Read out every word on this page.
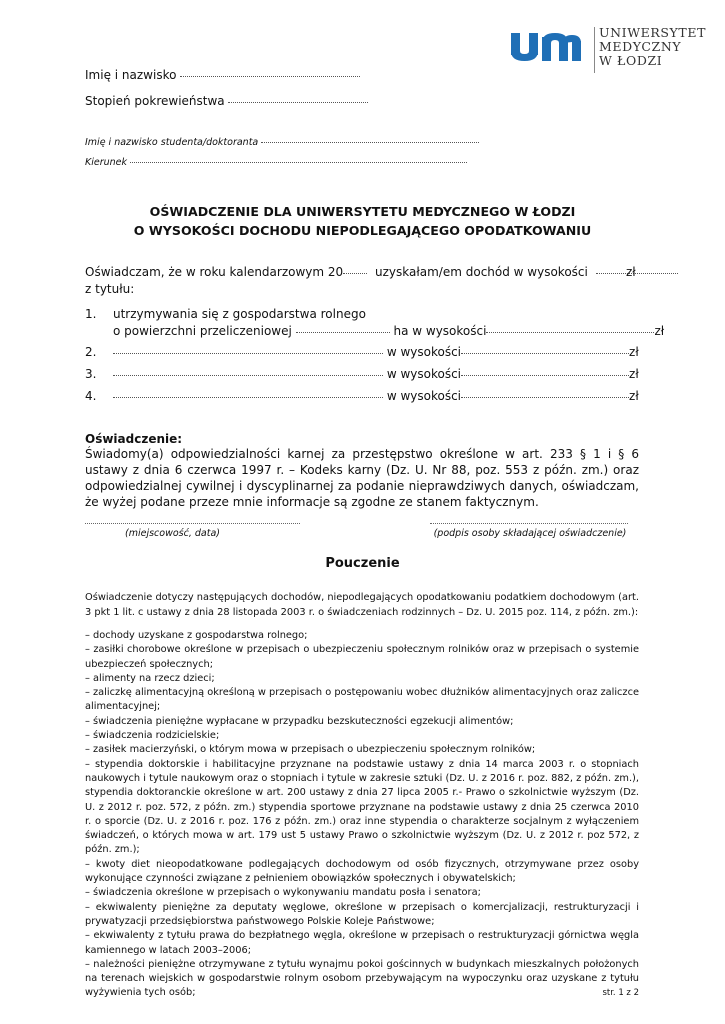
UNIWERSYTET
MEDYCZNY
W ŁODZI
Imię i nazwisko
Stopień pokrewieństwa
Imię i nazwisko studenta/doktoranta
Kierunek
OŚWIADCZENIE DLA UNIWERSYTETU MEDYCZNEGO W ŁODZI
O WYSOKOŚCI DOCHODU NIEPODLEGAJĄCEGO OPODATKOWANIU
Oświadczam, że w roku kalendarzowym 20	uzyskałam/em dochód w wysokości	zł
z tytułu:
1. utrzymywania się z gospodarstwa rolnego
o powierzchni przeliczeniowej	ha w wysokości	zł
2.	w wysokości	zł
3.	w wysokości	zł
4.	w wysokości	zł
Oświadczenie:
Świadomy(a) odpowiedzialności karnej za przestępstwo określone w art. 233 § 1 i § 6 ustawy z dnia 6 czerwca 1997 r. – Kodeks karny (Dz. U. Nr 88, poz. 553 z późn. zm.) oraz odpowiedzialnej cywilnej i dyscyplinarnej za podanie nieprawdziwych danych, oświadczam, że wyżej podane przeze mnie informacje są zgodne ze stanem faktycznym.
(miejscowość, data)	(podpis osoby składającej oświadczenie)
Pouczenie
Oświadczenie dotyczy następujących dochodów, niepodlegających opodatkowaniu podatkiem dochodowym (art. 3 pkt 1 lit. c ustawy z dnia 28 listopada 2003 r. o świadczeniach rodzinnych – Dz. U. 2015 poz. 114, z późn. zm.):
– dochody uzyskane z gospodarstwa rolnego;
– zasiłki chorobowe określone w przepisach o ubezpieczeniu społecznym rolników oraz w przepisach o systemie ubezpieczeń społecznych;
– alimenty na rzecz dzieci;
– zaliczkę alimentacyjną określoną w przepisach o postępowaniu wobec dłużników alimentacyjnych oraz zaliczce alimentacyjnej;
– świadczenia pieniężne wypłacane w przypadku bezskuteczności egzekucji alimentów;
– świadczenia rodzicielskie;
– zasiłek macierzyński, o którym mowa w przepisach o ubezpieczeniu społecznym rolników;
– stypendia doktorskie i habilitacyjne przyznane na podstawie ustawy z dnia 14 marca 2003 r. o stopniach naukowych i tytule naukowym oraz o stopniach i tytule w zakresie sztuki (Dz. U. z 2016 r. poz. 882, z późn. zm.), stypendia doktoranckie określone w art. 200 ustawy z dnia 27 lipca 2005 r.- Prawo o szkolnictwie wyższym (Dz. U. z 2012 r. poz. 572, z późn. zm.) stypendia sportowe przyznane na podstawie ustawy z dnia 25 czerwca 2010 r. o sporcie (Dz. U. z 2016 r. poz. 176 z późn. zm.) oraz inne stypendia o charakterze socjalnym z wyłączeniem świadczeń, o których mowa w art. 179 ust 5 ustawy Prawo o szkolnictwie wyższym (Dz. U. z 2012 r. poz 572, z późn. zm.);
– kwoty diet nieopodatkowane podlegających dochodowym od osób fizycznych, otrzymywane przez osoby wykonujące czynności związane z pełnieniem obowiązków społecznych i obywatelskich;
– świadczenia określone w przepisach o wykonywaniu mandatu posła i senatora;
– ekwiwalenty pieniężne za deputaty węglowe, określone w przepisach o komercjalizacji, restrukturyzacji i prywatyzacji przedsiębiorstwa państwowego Polskie Koleje Państwowe;
– ekwiwalenty z tytułu prawa do bezpłatnego węgla, określone w przepisach o restrukturyzacji górnictwa węgla kamiennego w latach 2003–2006;
– należności pieniężne otrzymywane z tytułu wynajmu pokoi gościnnych w budynkach mieszkalnych położonych na terenach wiejskich w gospodarstwie rolnym osobom przebywającym na wypoczynku oraz uzyskane z tytułu wyżywienia tych osób;	str. 1 z 2
